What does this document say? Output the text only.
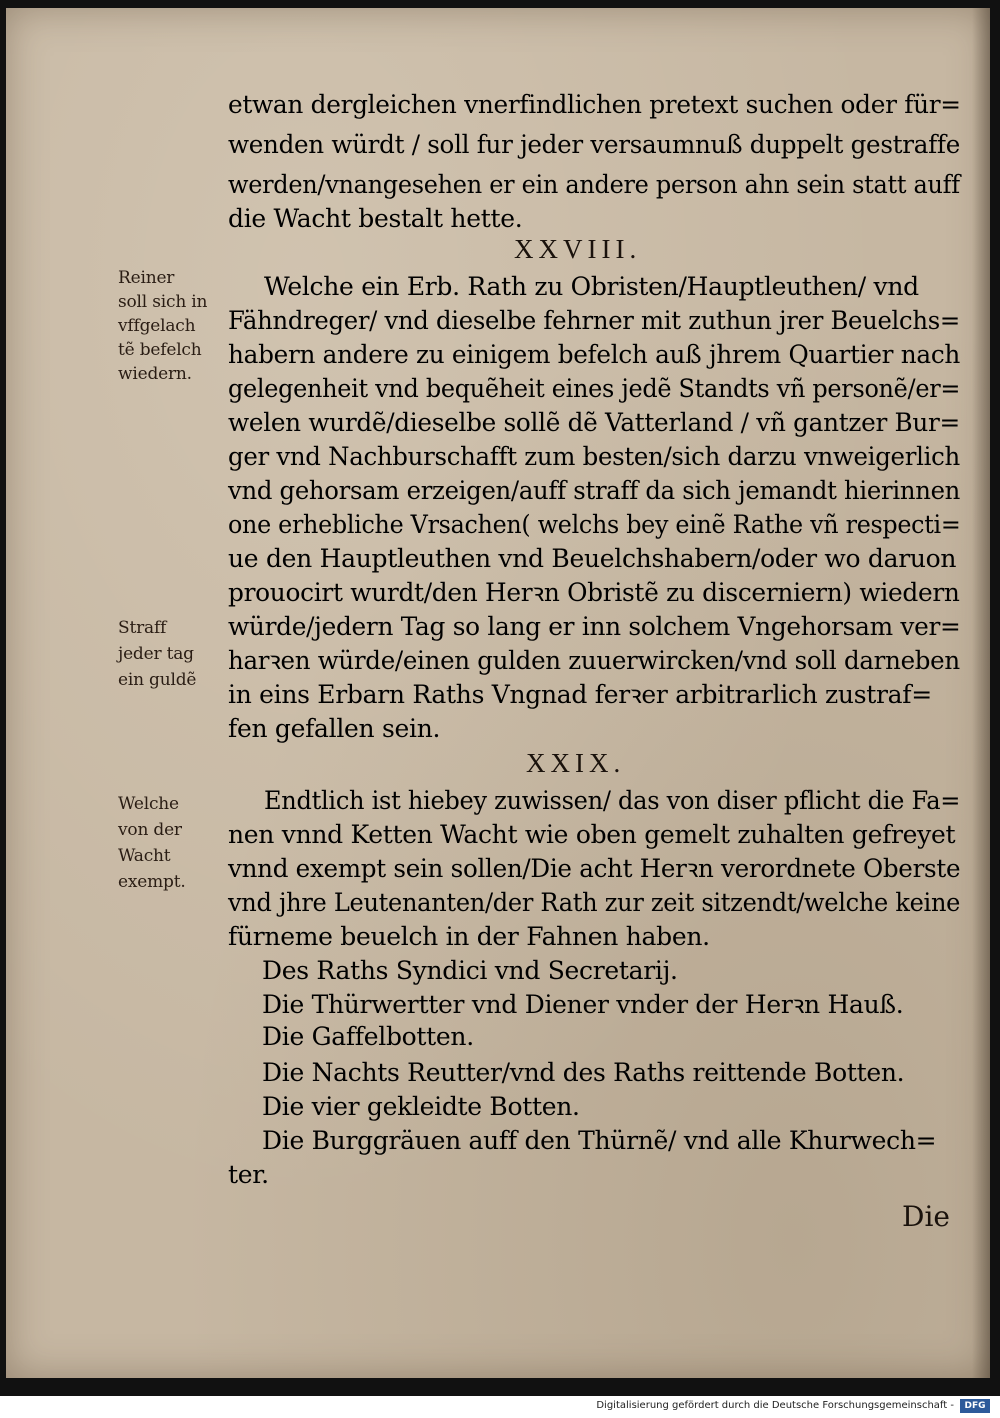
etwan dergleichen vnerfindlichen pretext suchen oder für=
wenden würdt / soll fur jeder versaumnuß duppelt gestraffe
werden/vnangesehen er ein andere person ahn sein statt auff
die Wacht bestalt hette.
XXVIII.
Reiner
soll sich in
vffgelach
tẽ befelch
wiedern.
Welche ein Erb. Rath zu Obristen/Hauptleuthen/ vnd
Fähndreger/ vnd dieselbe fehrner mit zuthun jrer Beuelchs=
habern andere zu einigem befelch auß jhrem Quartier nach
gelegenheit vnd bequẽheit eines jedẽ Standts vñ personẽ/er=
welen wurdẽ/dieselbe sollẽ dẽ Vatterland / vñ gantzer Bur=
ger vnd Nachburschafft zum besten/sich darzu vnweigerlich
vnd gehorsam erzeigen/auff straff da sich jemandt hierinnen
one erhebliche Vrsachen( welchs bey einẽ Rathe vñ respecti=
ue den Hauptleuthen vnd Beuelchshabern/oder wo daruon
prouocirt wurdt/den Herꝛn Obristẽ zu discerniern) wiedern
würde/jedern Tag so lang er inn solchem Vngehorsam ver=
harꝛen würde/einen gulden zuuerwircken/vnd soll darneben
in eins Erbarn Raths Vngnad ferꝛer arbitrarlich zustraf=
fen gefallen sein.
Straff
jeder tag
ein guldẽ
XXIX.
Welche
von der
Wacht
exempt.
Endtlich ist hiebey zuwissen/ das von diser pflicht die Fa=
nen vnnd Ketten Wacht wie oben gemelt zuhalten gefreyet
vnnd exempt sein sollen/Die acht Herꝛn verordnete Oberste
vnd jhre Leutenanten/der Rath zur zeit sitzendt/welche keine
fürneme beuelch in der Fahnen haben.
Des Raths Syndici vnd Secretarij.
Die Thürwertter vnd Diener vnder der Herꝛn Hauß.
Die Gaffelbotten.
Die Nachts Reutter/vnd des Raths reittende Botten.
Die vier gekleidte Botten.
Die Burggräuen auff den Thürnẽ/ vnd alle Khurwech=
ter.
Die
Digitalisierung gefördert durch die Deutsche Forschungsgemeinschaft -	DFG
